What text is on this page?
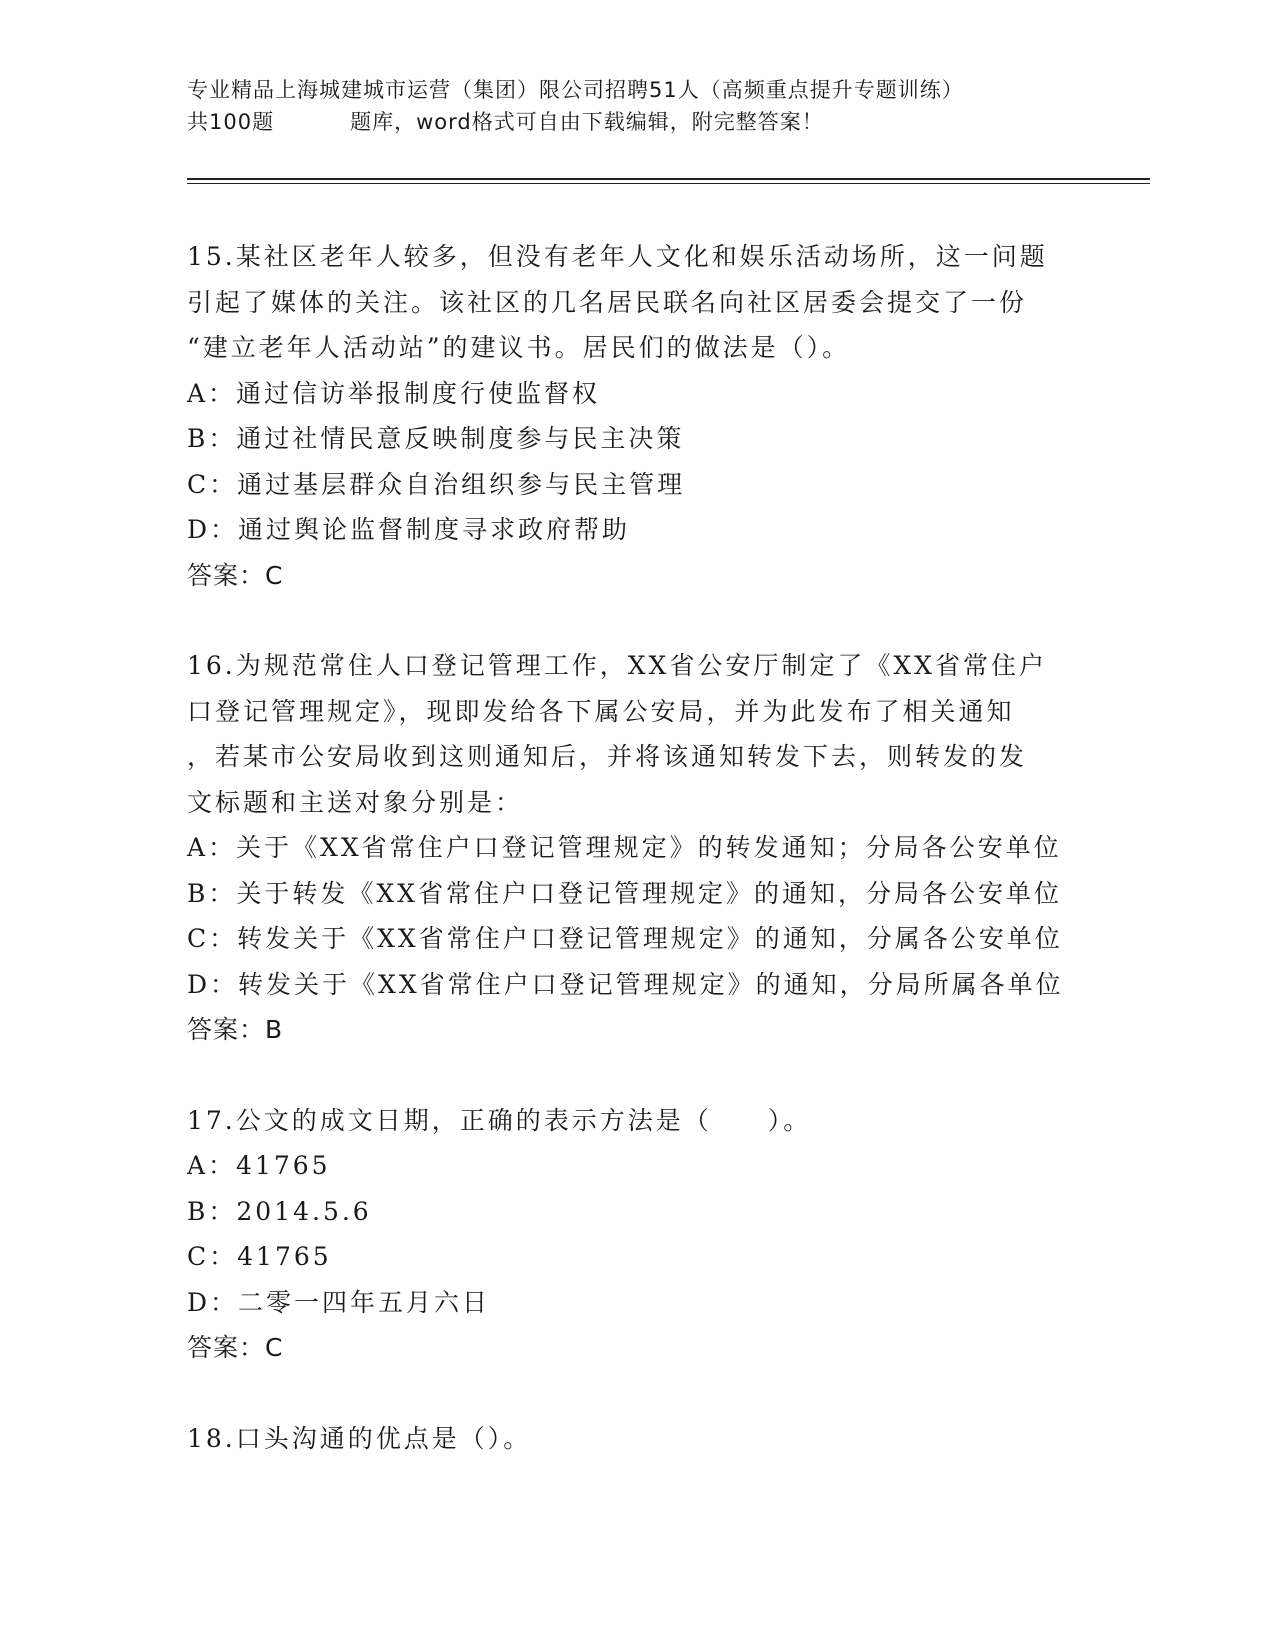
专业精品上海城建城市运营（集团）限公司招聘51人（高频重点提升专题训练）
共100题	题库，word格式可自由下载编辑，附完整答案！

15.某社区老年人较多，但没有老年人文化和娱乐活动场所，这一问题

引起了媒体的关注。该社区的几名居民联名向社区居委会提交了一份

“建立老年人活动站”的建议书。居民们的做法是（）。

A：通过信访举报制度行使监督权

B：通过社情民意反映制度参与民主决策

C：通过基层群众自治组织参与民主管理

D：通过舆论监督制度寻求政府帮助

答案：C

16.为规范常住人口登记管理工作，XX省公安厅制定了《XX省常住户

口登记管理规定》，现即发给各下属公安局，并为此发布了相关通知

，若某市公安局收到这则通知后，并将该通知转发下去，则转发的发

文标题和主送对象分别是：

A：关于《XX省常住户口登记管理规定》的转发通知；分局各公安单位

B：关于转发《XX省常住户口登记管理规定》的通知，分局各公安单位

C：转发关于《XX省常住户口登记管理规定》的通知，分属各公安单位

D：转发关于《XX省常住户口登记管理规定》的通知，分局所属各单位

答案：B

17.公文的成文日期，正确的表示方法是（　　）。

A：41765

B：2014.5.6

C：41765

D：二零一四年五月六日

答案：C

18.口头沟通的优点是（）。
